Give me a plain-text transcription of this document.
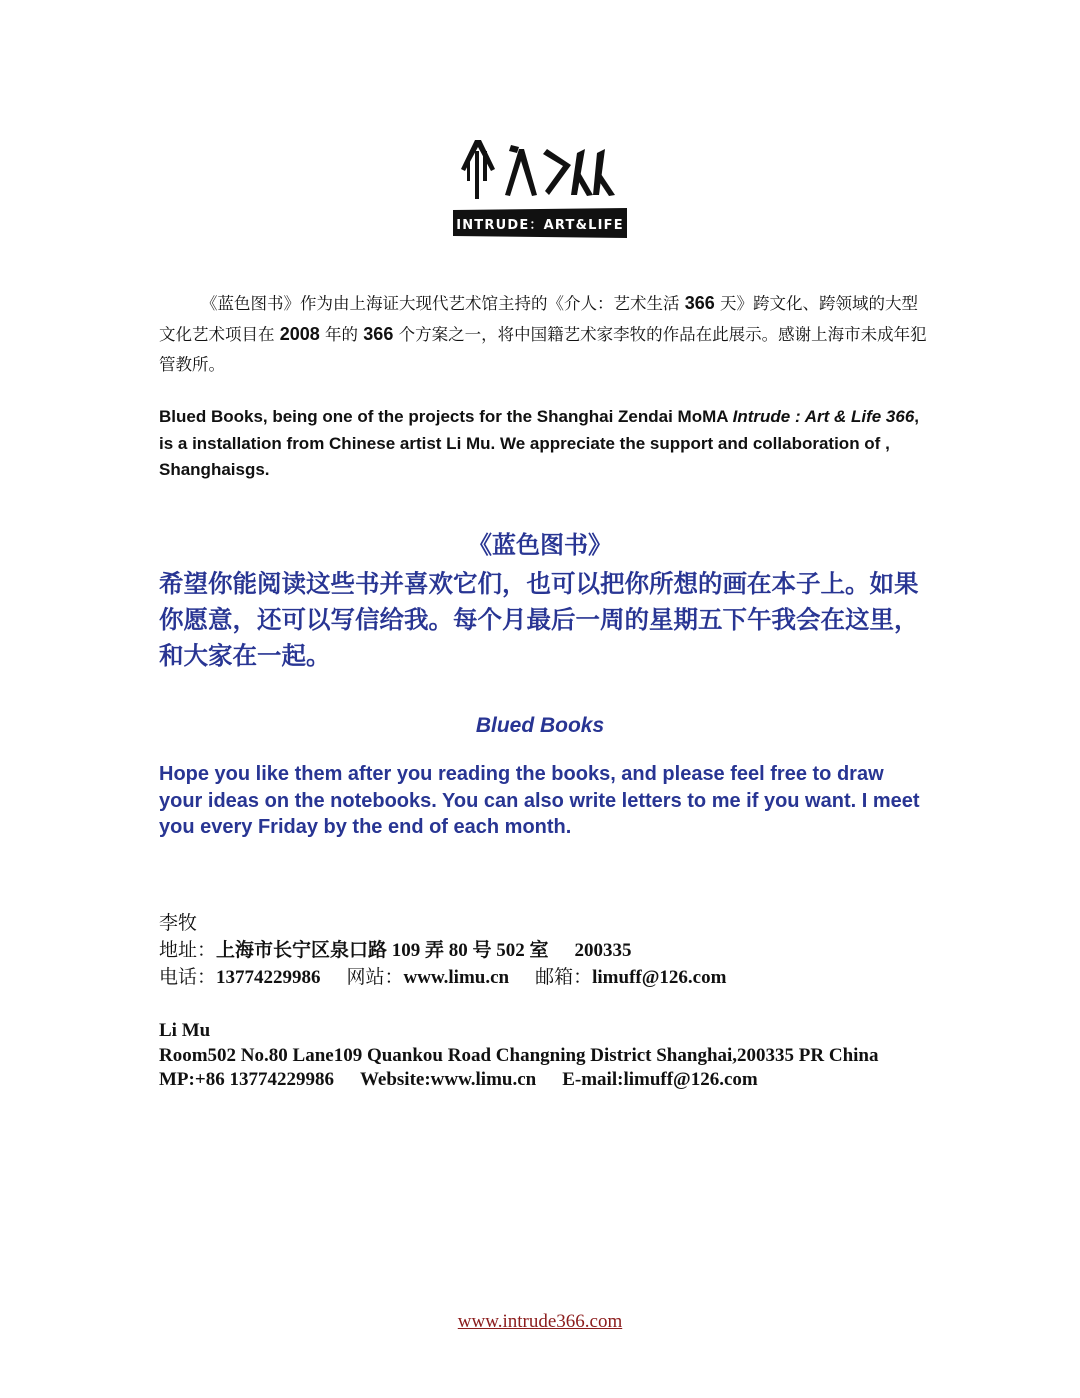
INTRUDE：ART&LIFE
《蓝色图书》作为由上海证大现代艺术馆主持的《介人：艺术生活 366 天》跨文化、跨领域的大型文化艺术项目在 2008 年的 366 个方案之一，将中国籍艺术家李牧的作品在此展示。感谢上海市未成年犯管教所。
Blued Books, being one of the projects for the Shanghai Zendai MoMA Intrude : Art & Life 366, is a installation from Chinese artist Li Mu. We appreciate the support and collaboration of , Shanghaisgs.
《蓝色图书》
希望你能阅读这些书并喜欢它们，也可以把你所想的画在本子上。如果你愿意，还可以写信给我。每个月最后一周的星期五下午我会在这里，和大家在一起。
Blued Books
Hope you like them after you reading the books, and please feel free to draw your ideas on the notebooks. You can also write letters to me if you want. I meet you every Friday by the end of each month.
李牧
地址：上海市长宁区泉口路 109 弄 80 号 502 室 200335
电话：13774229986 网站：www.limu.cn 邮箱：limuff@126.com
Li Mu
Room502 No.80 Lane109 Quankou Road Changning District Shanghai,200335 PR China
MP:+86 13774229986 Website:www.limu.cn E-mail:limuff@126.com
www.intrude366.com
